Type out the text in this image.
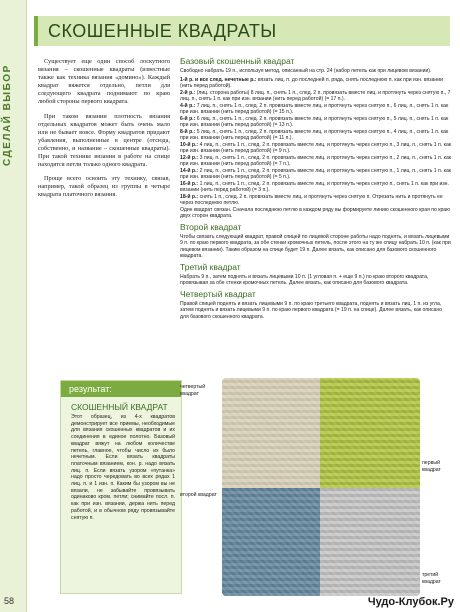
СДЕЛАЙ ВЫБОР
58
СКОШЕННЫЕ КВАДРАТЫ

Существует еще один способ лоскутного вязания – скошенные квадраты (известные также как техника вязания «домино»). Каждый квадрат вяжется отдельно, петли для следующего квадрата поднимают по краю любой стороны первого квадрата.

При таком вязании плотность вязания отдельных квадратов может быть очень мало или не бывает вовсе. Форму квадратов придают убавления, выполненные в центре (отсюда, собственно, и название – скошенные квадраты). При такой технике вязания в работе на спице находятся петли только одного квадрата.

Проще всего освоить эту технику, связав, например, такой образец из группы в четыре квадрата платочного вязания.

Базовый скошенный квадрат
Свободно набрать 19 п., используя метод, описанный на стр. 24 (набор петель как при лицевом вязании).
1-й р. и все след. нечетные р.: вязать лиц. п. до последней п. ряда, снять последнюю п. как при изн. вязании (нить перед работой).
2-й р.: (лиц. сторона работы) 8 лиц. п., снять 1 п., след. 2 п. провязать вместе лиц. и протянуть через снятую п., 7 лиц. п., снять 1 п. как при изн. вязании (нить перед работой) (= 17 п.).
4-й р.: 7 лиц. п., снять 1 п., след. 2 п. провязать вместе лиц. и протянуть через снятую п., 6 лиц. п., снять 1 п. как при изн. вязании (нить перед работой) (= 15 п.).
6-й р.: 6 лиц. п., снять 1 п., след. 2 п. провязать вместе лиц. и протянуть через снятую п., 5 лиц. п., снять 1 п. как при изн. вязании (нить перед работой) (= 13 п.).
8-й р.: 5 лиц. п., снять 1 п., след. 2 п. провязать вместе лиц. и протянуть через снятую п., 4 лиц. п., снять 1 п. как при изн. вязании (нить перед работой) (= 11 п.).
10-й р.: 4 лиц. п., снять 1 п., след. 2 п. провязать вместе лиц. и протянуть через снятую п., 3 лиц. п., снять 1 п. как при изн. вязании (нить перед работой) (= 9 п.).
12-й р.: 3 лиц. п., снять 1 п., след. 2 п. провязать вместе лиц. и протянуть через снятую п., 2 лиц. п., снять 1 п. как при изн. вязании (нить перед работой) (= 7 п.).
14-й р.: 2 лиц. п., снять 1 п., след. 2 п. провязать вместе лиц. и протянуть через снятую п., 1 лиц. п., снять 1 п. как при изн. вязании (нить перед работой) (= 5 п.).
16-й р.: 1 лиц. п., снять 1 п., след. 2 п. провязать вместе лиц. и протянуть через снятую п., снять 1 п. как при изн. вязании (нить перед работой) (= 3 п.).
18-й р.: снять 1 п., след. 2 п. провязать вместе лиц. и протянуть через снятую п. Отрезать нить и протянуть ее через последнюю петлю.
Один квадрат связан. Сначала последнюю петлю в каждом ряду вы формируете линию скошенного края по краю двух сторон квадрата.
Второй квадрат
Чтобы связать следующий квадрат, правой спицей по лицевой стороне работы надо поднять, и вязать лицевыми 9 п. по краю первого квадрата, за обе стенки кромочных петель, после этого на ту же спицу набрать 10 п. (как при лицевом вязании). Таким образом на спице будет 19 п. Далее вязать, как описано для базового скошенного квадрата.
Третий квадрат
Набрать 9 п., затем поднять и вязать лицевыми 10 п. (1 угловая п. + еще 9 п.) по краю второго квадрата, провязывая за обе стенки кромочных петель. Далее вязать, как описано для базового квадрата.
Четвертый квадрат
Правой спицей поднять и вязать лицевыми 9 п. по краю третьего квадрата, поднять и вязать лиц. 1 п. из угла, затем поднять и вязать лицевыми 9 п. по краю первого квадрата (= 19 п. на спице). Далее вязать, как описано для базового скошенного квадрата.
результат:
СКОШЕННЫЙ КВАДРАТ
Этот образец, из 4-х квадратов демонстрирует все приемы, необходимые для вязания скошенных квадратов и их соединения в единое полотно. Базовый квадрат вяжут на любом количестве петель, главное, чтобы число их было нечетным. Если вязать квадраты платочным вязанием, кон. р. надо вязать лиц. п. Если вязать узором «путанка» надо просто чередовать во всех рядах 1 лиц. п. и 1 изн. п. Каким бы узором вы не вязали, не забывайте провязывать одинаково кром. петли; снимайте посл. п. как при изн. вязании, держа нить перед работой, и в обычном ряду провязывайте снятую п.
четвертый квадрат
первый квадрат
второй квадрат
третий квадрат
Чудо-Клубок.Ру
